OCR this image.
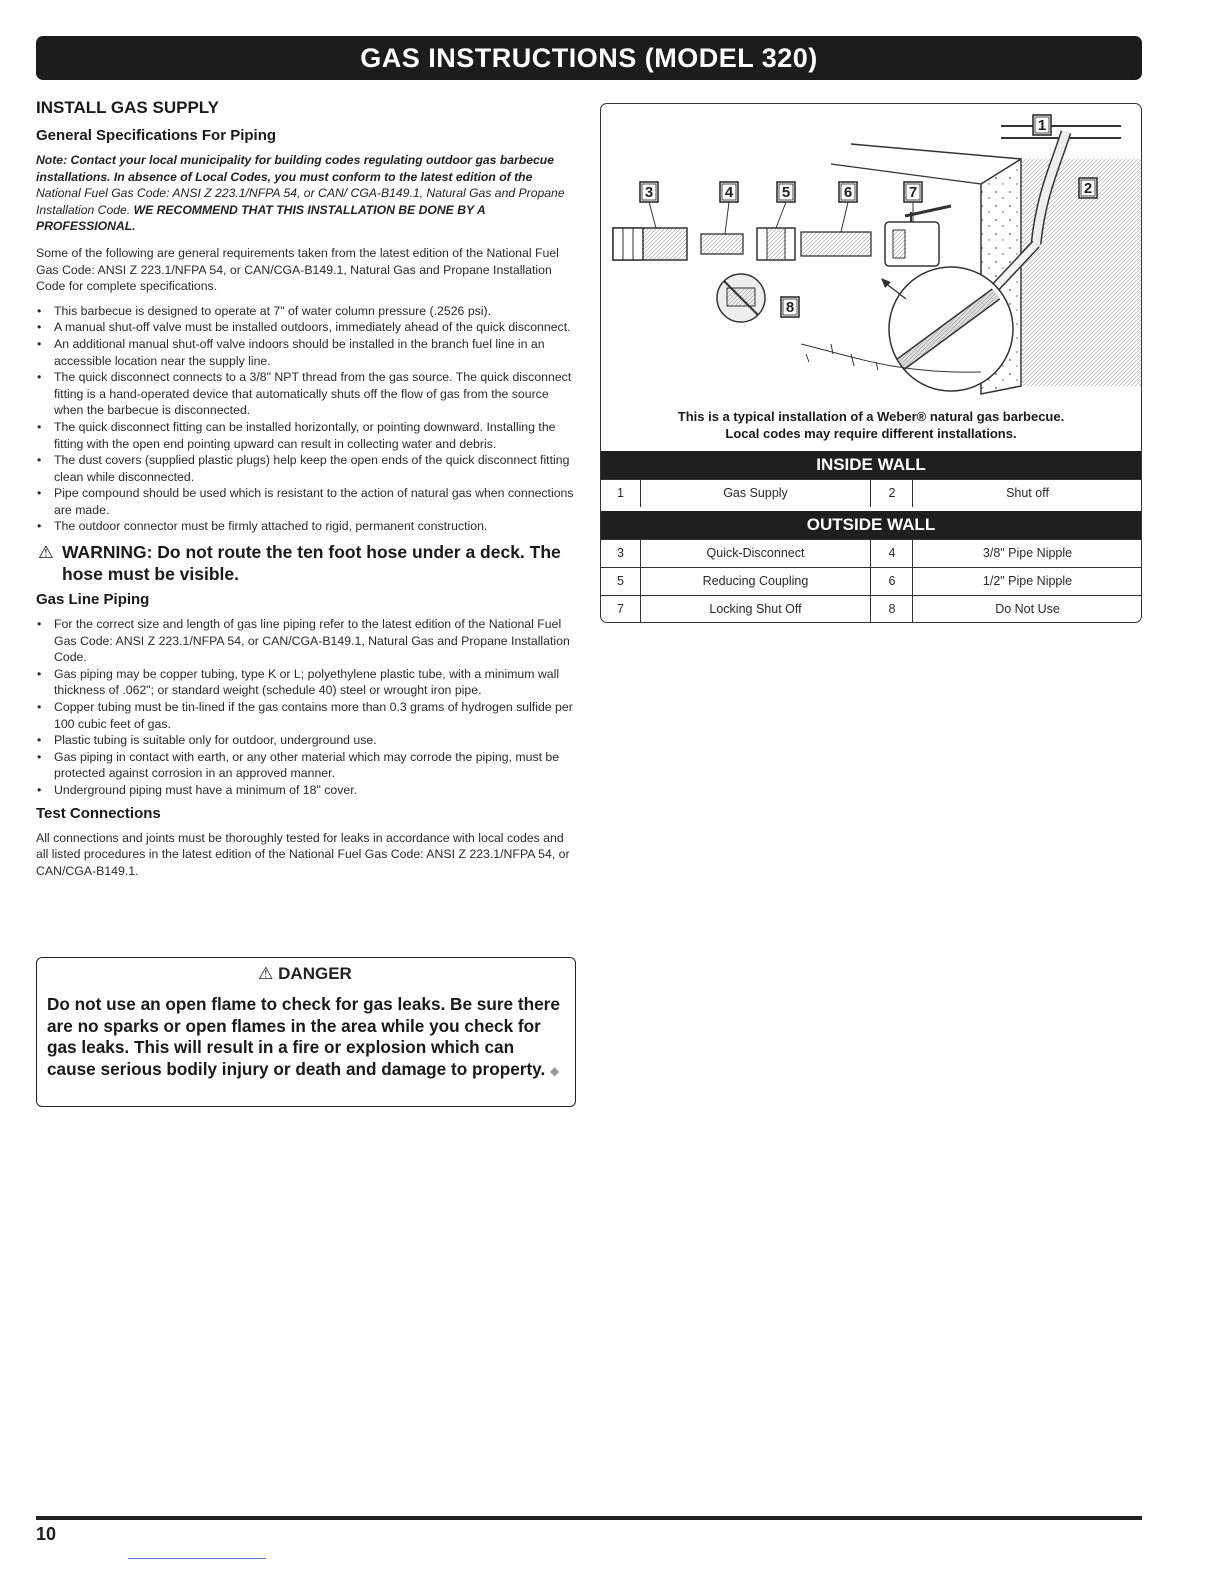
GAS INSTRUCTIONS (MODEL 320)
INSTALL GAS SUPPLY
General Specifications For Piping

Note: Contact your local municipality for building codes regulating outdoor gas barbecue installations. In absence of Local Codes, you must conform to the latest edition of the National Fuel Gas Code: ANSI Z 223.1/NFPA 54, or CAN/ CGA-B149.1, Natural Gas and Propane Installation Code. WE RECOMMEND THAT THIS INSTALLATION BE DONE BY A PROFESSIONAL.

Some of the following are general requirements taken from the latest edition of the National Fuel Gas Code: ANSI Z 223.1/NFPA 54, or CAN/CGA-B149.1, Natural Gas and Propane Installation Code for complete specifications.

• This barbecue is designed to operate at 7" of water column pressure (.2526 psi).
• A manual shut-off valve must be installed outdoors, immediately ahead of the quick disconnect.
• An additional manual shut-off valve indoors should be installed in the branch fuel line in an accessible location near the supply line.
• The quick disconnect connects to a 3/8" NPT thread from the gas source. The quick disconnect fitting is a hand-operated device that automatically shuts off the flow of gas from the source when the barbecue is disconnected.
• The quick disconnect fitting can be installed horizontally, or pointing downward. Installing the fitting with the open end pointing upward can result in collecting water and debris.
• The dust covers (supplied plastic plugs) help keep the open ends of the quick disconnect fitting clean while disconnected.
• Pipe compound should be used which is resistant to the action of natural gas when connections are made.
• The outdoor connector must be firmly attached to rigid, permanent construction.
⚠ WARNING: Do not route the ten foot hose under a deck. The hose must be visible.
Gas Line Piping
• For the correct size and length of gas line piping refer to the latest edition of the National Fuel Gas Code: ANSI Z 223.1/NFPA 54, or CAN/CGA-B149.1, Natural Gas and Propane Installation Code.
• Gas piping may be copper tubing, type K or L; polyethylene plastic tube, with a minimum wall thickness of .062"; or standard weight (schedule 40) steel or wrought iron pipe.
• Copper tubing must be tin-lined if the gas contains more than 0.3 grams of hydrogen sulfide per 100 cubic feet of gas.
• Plastic tubing is suitable only for outdoor, underground use.
• Gas piping in contact with earth, or any other material which may corrode the piping, must be protected against corrosion in an approved manner.
• Underground piping must have a minimum of 18" cover.
Test Connections

All connections and joints must be thoroughly tested for leaks in accordance with local codes and all listed procedures in the latest edition of the National Fuel Gas Code: ANSI Z 223.1/NFPA 54, or CAN/CGA-B149.1.

⚠ DANGER

Do not use an open flame to check for gas leaks. Be sure there are no sparks or open flames in the area while you check for gas leaks. This will result in a fire or explosion which can cause serious bodily injury or death and damage to property. ◆

3	4	5	6	7
1
2
8
This is a typical installation of a Weber® natural gas barbecue.
Local codes may require different installations.
INSIDE WALL
1	Gas Supply	2	Shut off
OUTSIDE WALL
3	Quick-Disconnect	4	3/8" Pipe Nipple
5	Reducing Coupling	6	1/2" Pipe Nipple
7	Locking Shut Off	8	Do Not Use
10
